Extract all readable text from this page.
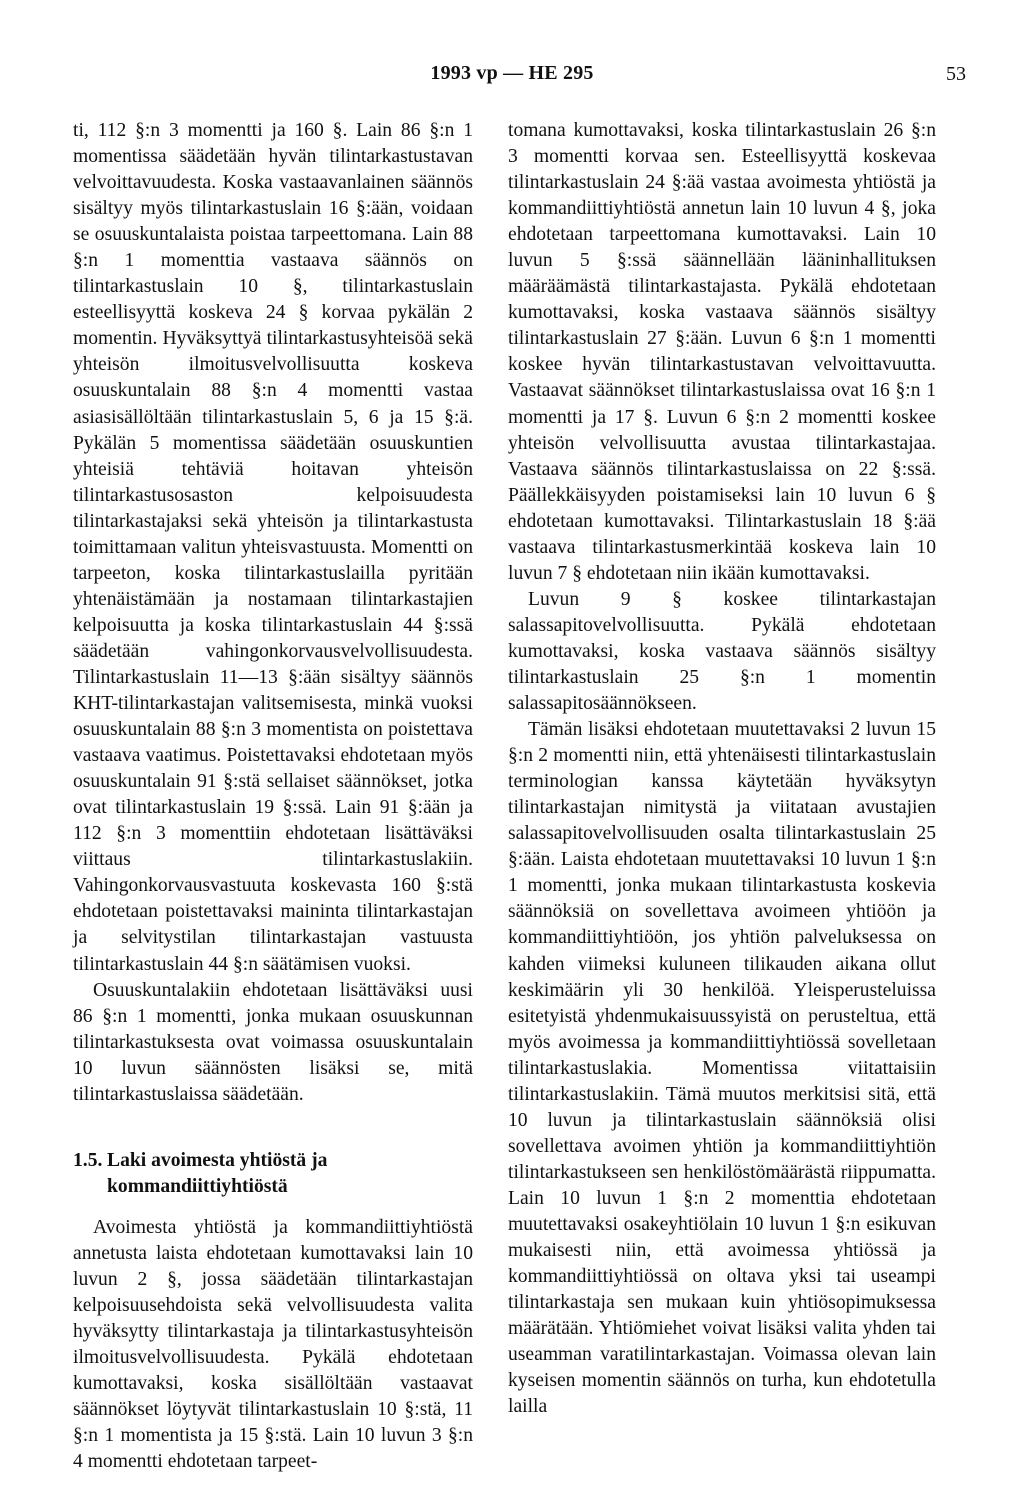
1993 vp — HE 295	53

ti, 112 §:n 3 momentti ja 160 §. Lain 86 §:n 1 momentissa säädetään hyvän tilintarkastustavan velvoittavuudesta. Koska vastaavanlainen säännös sisältyy myös tilintarkastuslain 16 §:ään, voidaan se osuuskuntalaista poistaa tarpeettomana. Lain 88 §:n 1 momenttia vastaava säännös on tilintarkastuslain 10 §, tilintarkastuslain esteellisyyttä koskeva 24 § korvaa pykälän 2 momentin. Hyväksyttyä tilintarkastusyhteisöä sekä yhteisön ilmoitusvelvollisuutta koskeva osuuskuntalain 88 §:n 4 momentti vastaa asiasisällöltään tilintarkastuslain 5, 6 ja 15 §:ä. Pykälän 5 momentissa säädetään osuuskuntien yhteisiä tehtäviä hoitavan yhteisön tilintarkastusosaston kelpoisuudesta tilintarkastajaksi sekä yhteisön ja tilintarkastusta toimittamaan valitun yhteisvastuusta. Momentti on tarpeeton, koska tilintarkastuslailla pyritään yhtenäistämään ja nostamaan tilintarkastajien kelpoisuutta ja koska tilintarkastuslain 44 §:ssä säädetään vahingonkorvausvelvollisuudesta. Tilintarkastuslain 11—13 §:ään sisältyy säännös KHT-tilintarkastajan valitsemisesta, minkä vuoksi osuuskuntalain 88 §:n 3 momentista on poistettava vastaava vaatimus. Poistettavaksi ehdotetaan myös osuuskuntalain 91 §:stä sellaiset säännökset, jotka ovat tilintarkastuslain 19 §:ssä. Lain 91 §:ään ja 112 §:n 3 momenttiin ehdotetaan lisättäväksi viittaus tilintarkastuslakiin. Vahingonkorvausvastuuta koskevasta 160 §:stä ehdotetaan poistettavaksi maininta tilintarkastajan ja selvitystilan tilintarkastajan vastuusta tilintarkastuslain 44 §:n säätämisen vuoksi.

Osuuskuntalakiin ehdotetaan lisättäväksi uusi 86 §:n 1 momentti, jonka mukaan osuuskunnan tilintarkastuksesta ovat voimassa osuuskuntalain 10 luvun säännösten lisäksi se, mitä tilintarkastuslaissa säädetään.

1.5. Laki avoimesta yhtiöstä ja kommandiittiyhtiöstä

Avoimesta yhtiöstä ja kommandiittiyhtiöstä annetusta laista ehdotetaan kumottavaksi lain 10 luvun 2 §, jossa säädetään tilintarkastajan kelpoisuusehdoista sekä velvollisuudesta valita hyväksytty tilintarkastaja ja tilintarkastusyhteisön ilmoitusvelvollisuudesta. Pykälä ehdotetaan kumottavaksi, koska sisällöltään vastaavat säännökset löytyvät tilintarkastuslain 10 §:stä, 11 §:n 1 momentista ja 15 §:stä. Lain 10 luvun 3 §:n 4 momentti ehdotetaan tarpeet-

tomana kumottavaksi, koska tilintarkastuslain 26 §:n 3 momentti korvaa sen. Esteellisyyttä koskevaa tilintarkastuslain 24 §:ää vastaa avoimesta yhtiöstä ja kommandiittiyhtiöstä annetun lain 10 luvun 4 §, joka ehdotetaan tarpeettomana kumottavaksi. Lain 10 luvun 5 §:ssä säännellään lääninhallituksen määräämästä tilintarkastajasta. Pykälä ehdotetaan kumottavaksi, koska vastaava säännös sisältyy tilintarkastuslain 27 §:ään. Luvun 6 §:n 1 momentti koskee hyvän tilintarkastustavan velvoittavuutta. Vastaavat säännökset tilintarkastuslaissa ovat 16 §:n 1 momentti ja 17 §. Luvun 6 §:n 2 momentti koskee yhteisön velvollisuutta avustaa tilintarkastajaa. Vastaava säännös tilintarkastuslaissa on 22 §:ssä. Päällekkäisyyden poistamiseksi lain 10 luvun 6 § ehdotetaan kumottavaksi. Tilintarkastuslain 18 §:ää vastaava tilintarkastusmerkintää koskeva lain 10 luvun 7 § ehdotetaan niin ikään kumottavaksi.

Luvun 9 § koskee tilintarkastajan salassapitovelvollisuutta. Pykälä ehdotetaan kumottavaksi, koska vastaava säännös sisältyy tilintarkastuslain 25 §:n 1 momentin salassapitosäännökseen.

Tämän lisäksi ehdotetaan muutettavaksi 2 luvun 15 §:n 2 momentti niin, että yhtenäisesti tilintarkastuslain terminologian kanssa käytetään hyväksytyn tilintarkastajan nimitystä ja viitataan avustajien salassapitovelvollisuuden osalta tilintarkastuslain 25 §:ään. Laista ehdotetaan muutettavaksi 10 luvun 1 §:n 1 momentti, jonka mukaan tilintarkastusta koskevia säännöksiä on sovellettava avoimeen yhtiöön ja kommandiittiyhtiöön, jos yhtiön palveluksessa on kahden viimeksi kuluneen tilikauden aikana ollut keskimäärin yli 30 henkilöä. Yleisperusteluissa esitetyistä yhdenmukaisuussyistä on perusteltua, että myös avoimessa ja kommandiittiyhtiössä sovelletaan tilintarkastuslakia. Momentissa viitattaisiin tilintarkastuslakiin. Tämä muutos merkitsisi sitä, että 10 luvun ja tilintarkastuslain säännöksiä olisi sovellettava avoimen yhtiön ja kommandiittiyhtiön tilintarkastukseen sen henkilöstömäärästä riippumatta. Lain 10 luvun 1 §:n 2 momenttia ehdotetaan muutettavaksi osakeyhtiölain 10 luvun 1 §:n esikuvan mukaisesti niin, että avoimessa yhtiössä ja kommandiittiyhtiössä on oltava yksi tai useampi tilintarkastaja sen mukaan kuin yhtiösopimuksessa määrätään. Yhtiömiehet voivat lisäksi valita yhden tai useamman varatilintarkastajan. Voimassa olevan lain kyseisen momentin säännös on turha, kun ehdotetulla lailla
